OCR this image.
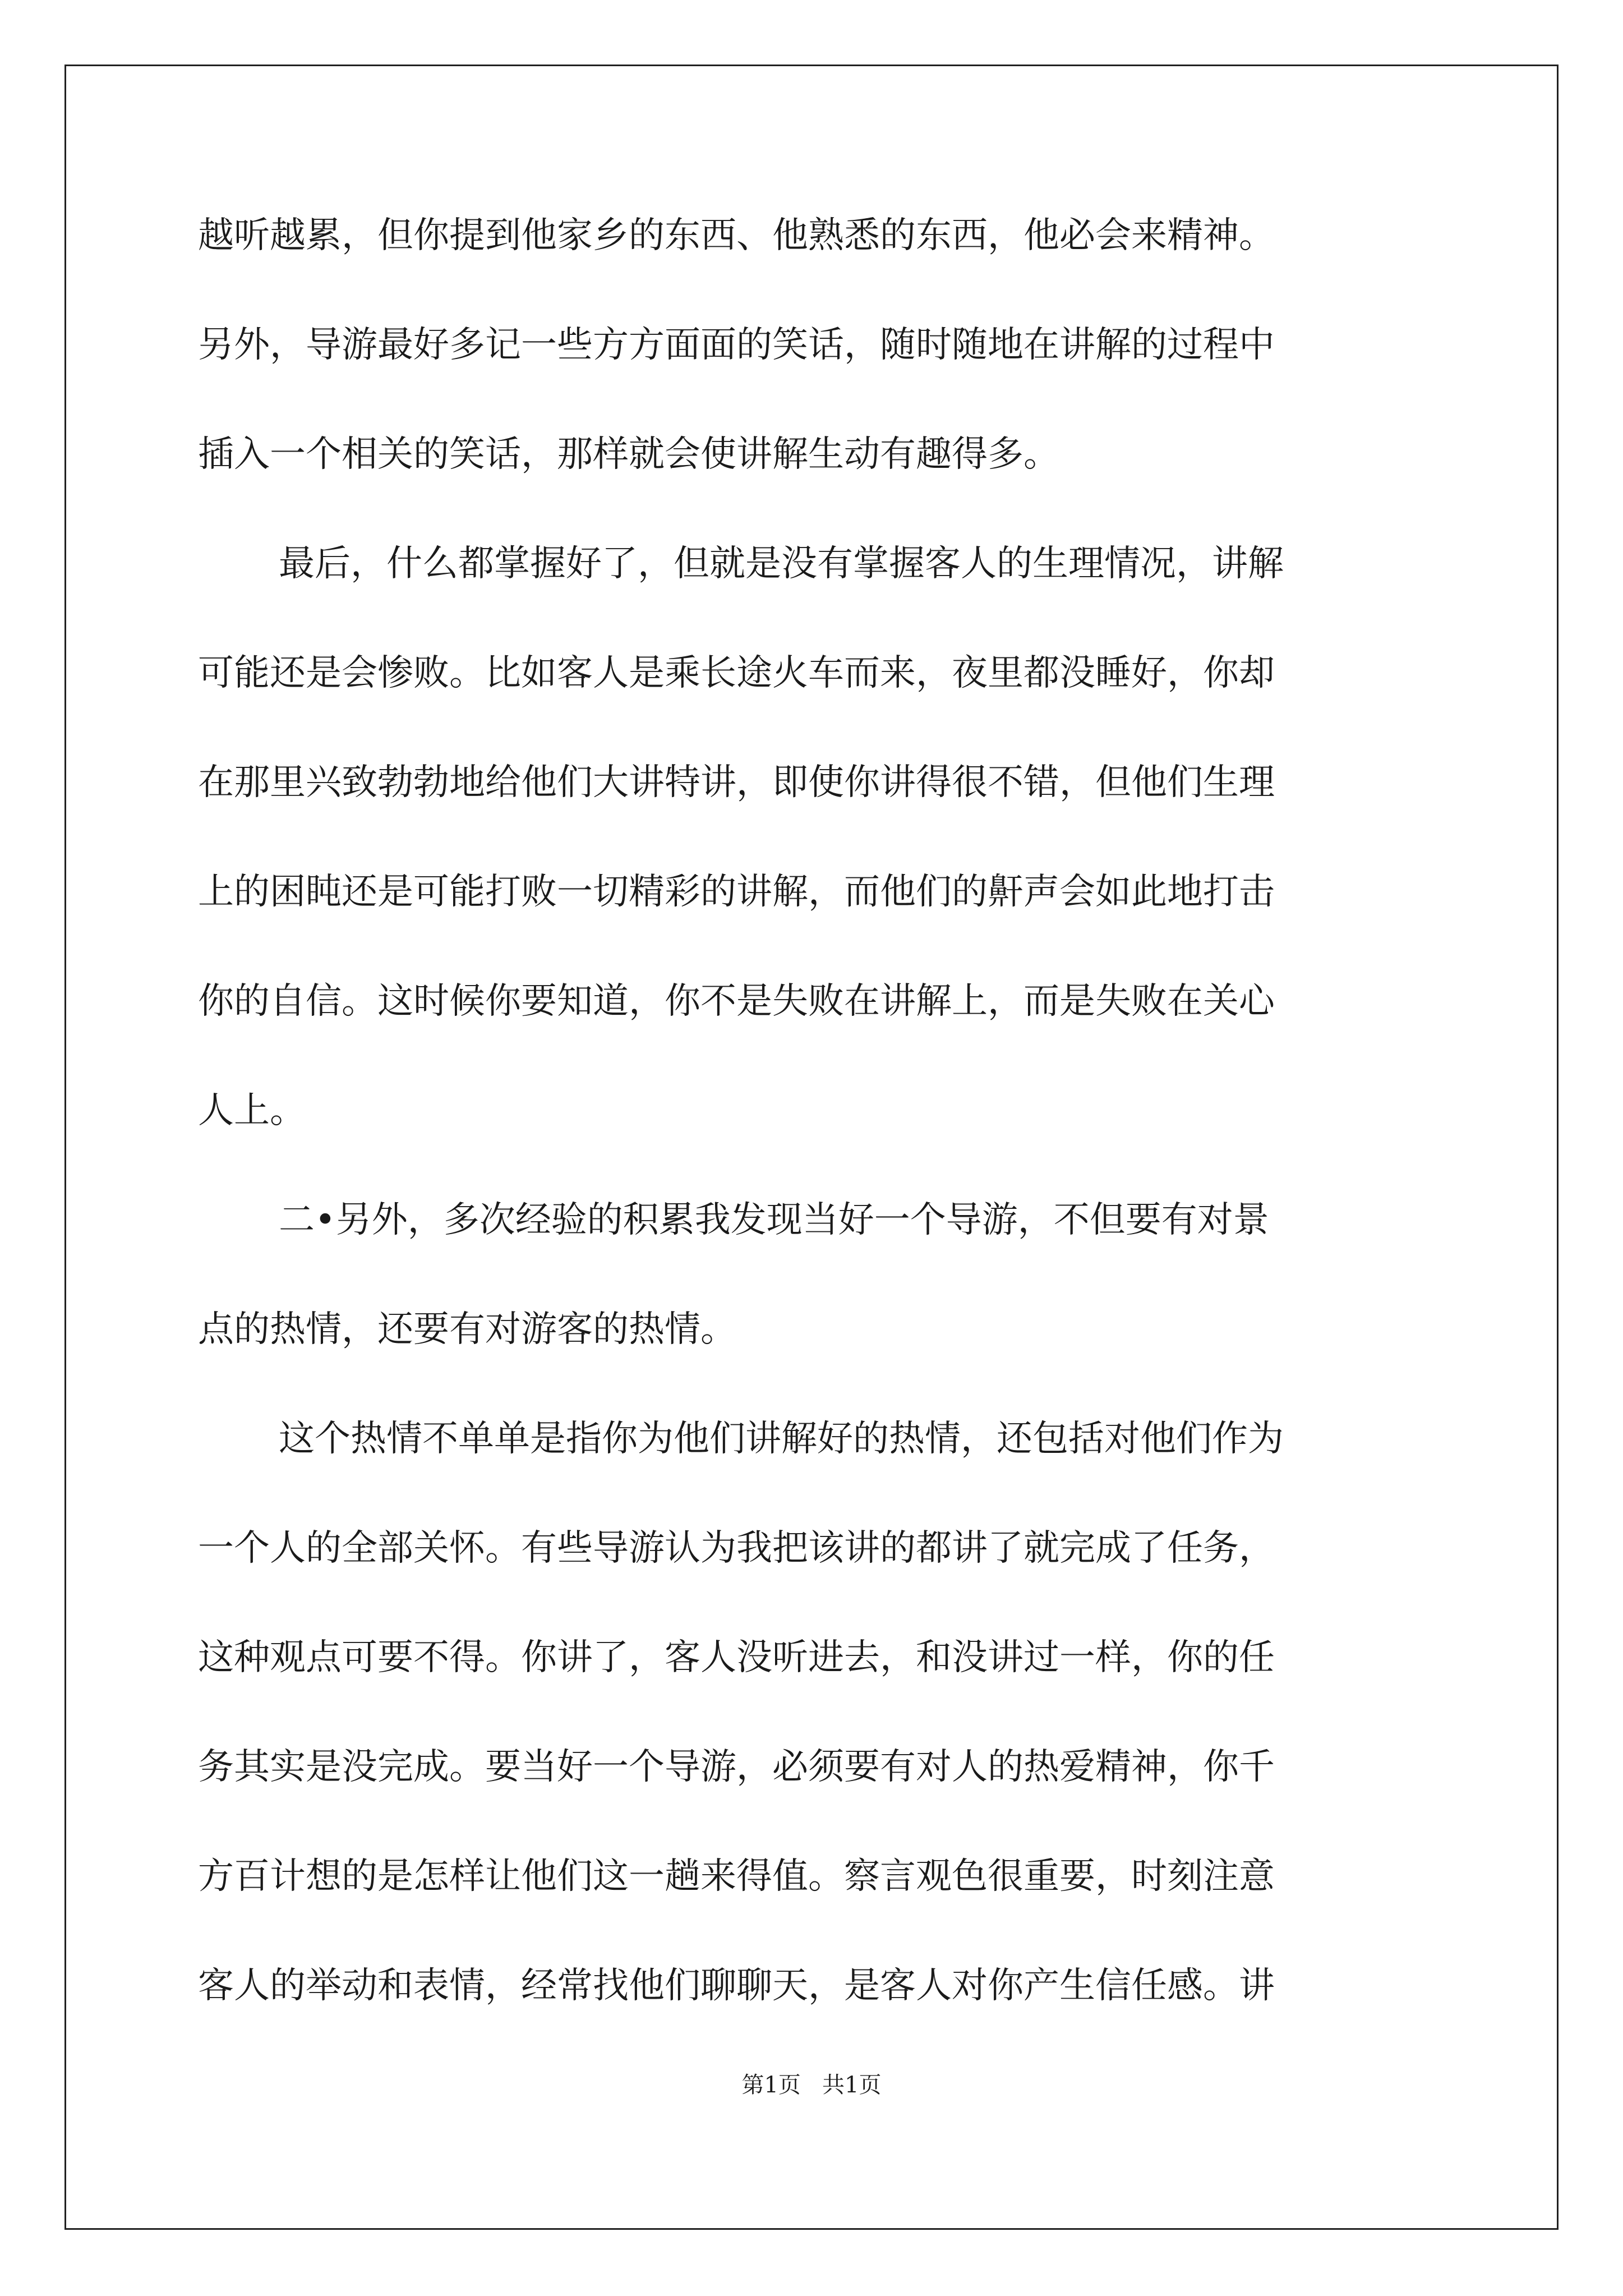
越听越累，但你提到他家乡的东西、他熟悉的东西，他必会来精神。
另外，导游最好多记一些方方面面的笑话，随时随地在讲解的过程中
插入一个相关的笑话，那样就会使讲解生动有趣得多。
最后，什么都掌握好了，但就是没有掌握客人的生理情况，讲解
可能还是会惨败。比如客人是乘长途火车而来，夜里都没睡好，你却
在那里兴致勃勃地给他们大讲特讲，即使你讲得很不错，但他们生理
上的困盹还是可能打败一切精彩的讲解，而他们的鼾声会如此地打击
你的自信。这时候你要知道，你不是失败在讲解上，而是失败在关心
人上。
二•另外，多次经验的积累我发现当好一个导游，不但要有对景
点的热情，还要有对游客的热情。
这个热情不单单是指你为他们讲解好的热情，还包括对他们作为
一个人的全部关怀。有些导游认为我把该讲的都讲了就完成了任务，
这种观点可要不得。你讲了，客人没听进去，和没讲过一样，你的任
务其实是没完成。要当好一个导游，必须要有对人的热爱精神，你千
方百计想的是怎样让他们这一趟来得值。察言观色很重要，时刻注意
客人的举动和表情，经常找他们聊聊天，是客人对你产生信任感。讲
第1页   共1页
